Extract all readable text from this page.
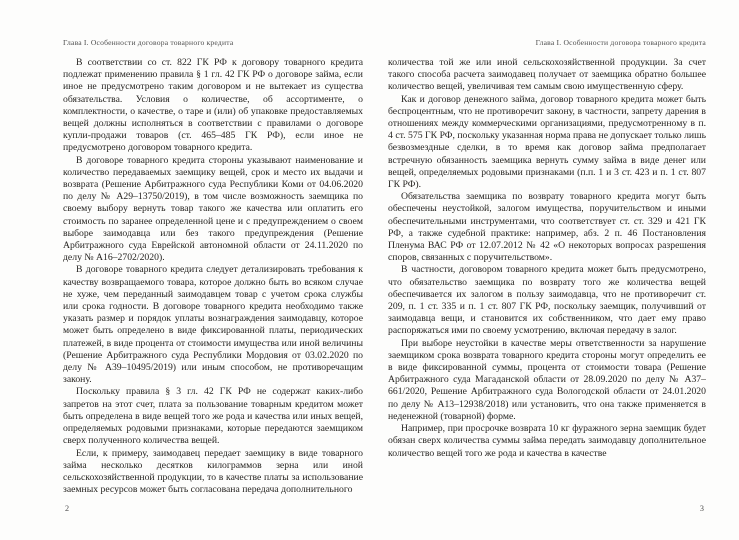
Глава I. Особенности договора товарного кредита

В соответствии со ст. 822 ГК РФ к договору товарного кредита подлежат применению правила § 1 гл. 42 ГК РФ о договоре займа, если иное не предусмотрено таким договором и не вытекает из существа обязательства. Условия о количестве, об ассортименте, о комплектности, о качестве, о таре и (или) об упаковке предоставляемых вещей должны исполняться в соответствии с правилами о договоре купли-продажи товаров (ст. 465–485 ГК РФ), если иное не предусмотрено договором товарного кредита.

В договоре товарного кредита стороны указывают наименование и количество передаваемых заемщику вещей, срок и место их выдачи и возврата (Решение Арбитражного суда Республики Коми от 04.06.2020 по делу № А29–13750/2019), в том числе возможность заемщика по своему выбору вернуть товар такого же качества или оплатить его стоимость по заранее определенной цене и с предупреждением о своем выборе заимодавца или без такого предупреждения (Решение Арбитражного суда Еврейской автономной области от 24.11.2020 по делу № А16–2702/2020).

В договоре товарного кредита следует детализировать требования к качеству возвращаемого товара, которое должно быть во всяком случае не хуже, чем переданный заимодавцем товар с учетом срока службы или срока годности. В договоре товарного кредита необходимо также указать размер и порядок уплаты вознаграждения заимодавцу, которое может быть определено в виде фиксированной платы, периодических платежей, в виде процента от стоимости имущества или иной величины (Решение Арбитражного суда Республики Мордовия от 03.02.2020 по делу № А39–10495/2019) или иным способом, не противоречащим закону.

Поскольку правила § 3 гл. 42 ГК РФ не содержат каких-либо запретов на этот счет, плата за пользование товарным кредитом может быть определена в виде вещей того же рода и качества или иных вещей, определяемых родовыми признаками, которые передаются заемщиком сверх полученного количества вещей.

Если, к примеру, заимодавец передает заемщику в виде товарного займа несколько десятков килограммов зерна или иной сельскохозяйственной продукции, то в качестве платы за использование заемных ресурсов может быть согласована передача дополнительного

2
Глава I. Особенности договора товарного кредита

количества той же или иной сельскохозяйственной продукции. За счет такого способа расчета заимодавец получает от заемщика обратно большее количество вещей, увеличивая тем самым свою имущественную сферу.

Как и договор денежного займа, договор товарного кредита может быть беспроцентным, что не противоречит закону, в частности, запрету дарения в отношениях между коммерческими организациями, предусмотренному в п. 4 ст. 575 ГК РФ, поскольку указанная норма права не допускает только лишь безвозмездные сделки, в то время как договор займа предполагает встречную обязанность заемщика вернуть сумму займа в виде денег или вещей, определяемых родовыми признаками (п.п. 1 и 3 ст. 423 и п. 1 ст. 807 ГК РФ).

Обязательства заемщика по возврату товарного кредита могут быть обеспечены неустойкой, залогом имущества, поручительством и иными обеспечительными инструментами, что соответствует ст. ст. 329 и 421 ГК РФ, а также судебной практике: например, абз. 2 п. 46 Постановления Пленума ВАС РФ от 12.07.2012 № 42 «О некоторых вопросах разрешения споров, связанных с поручительством».

В частности, договором товарного кредита может быть предусмотрено, что обязательство заемщика по возврату того же количества вещей обеспечивается их залогом в пользу заимодавца, что не противоречит ст. 209, п. 1 ст. 335 и п. 1 ст. 807 ГК РФ, поскольку заемщик, получивший от заимодавца вещи, и становится их собственником, что дает ему право распоряжаться ими по своему усмотрению, включая передачу в залог.

При выборе неустойки в качестве меры ответственности за нарушение заемщиком срока возврата товарного кредита стороны могут определить ее в виде фиксированной суммы, процента от стоимости товара (Решение Арбитражного суда Магаданской области от 28.09.2020 по делу № А37–661/2020, Решение Арбитражного суда Вологодской области от 24.01.2020 по делу № А13–12938/2018) или установить, что она также применяется в неденежной (товарной) форме.

Например, при просрочке возврата 10 кг фуражного зерна заемщик будет обязан сверх количества суммы займа передать заимодавцу дополнительное количество вещей того же рода и качества в качестве

3
